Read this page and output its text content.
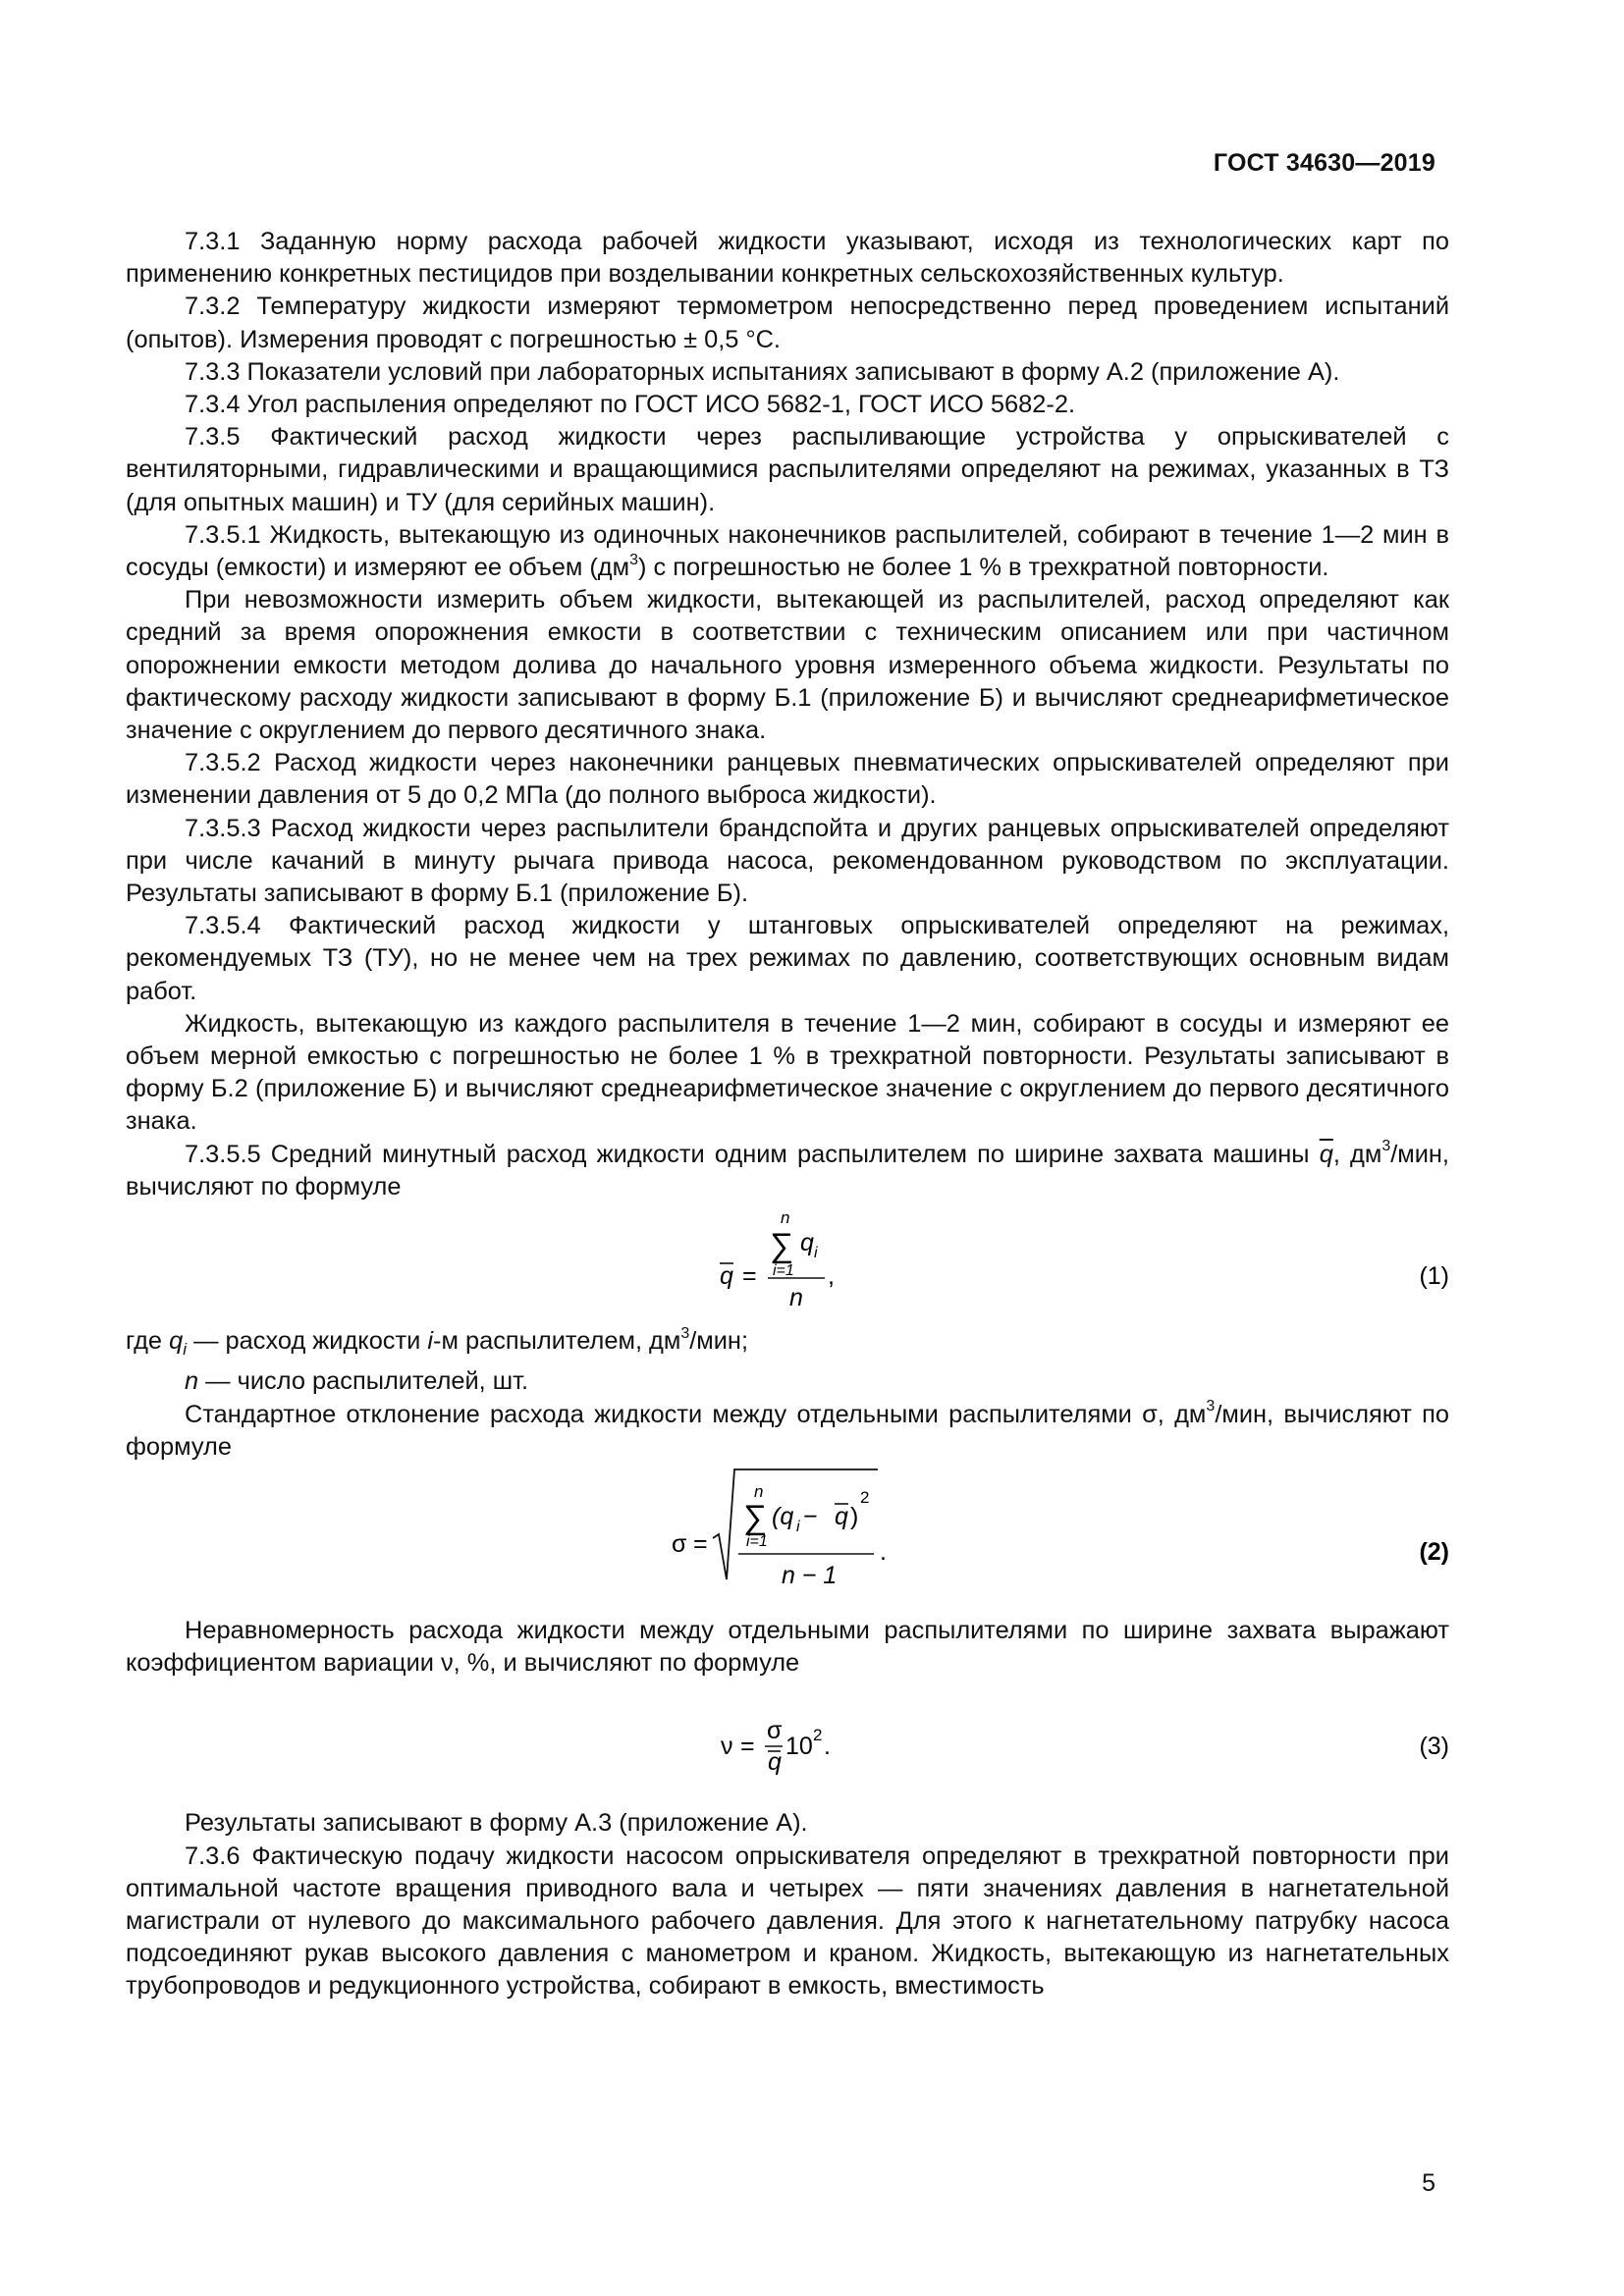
ГОСТ 34630—2019

7.3.1 Заданную норму расхода рабочей жидкости указывают, исходя из технологических карт по применению конкретных пестицидов при возделывании конкретных сельскохозяйственных культур.

7.3.2 Температуру жидкости измеряют термометром непосредственно перед проведением испытаний (опытов). Измерения проводят с погрешностью ± 0,5 °С.

7.3.3 Показатели условий при лабораторных испытаниях записывают в форму А.2 (приложение А).

7.3.4 Угол распыления определяют по ГОСТ ИСО 5682-1, ГОСТ ИСО 5682-2.

7.3.5 Фактический расход жидкости через распыливающие устройства у опрыскивателей с вентиляторными, гидравлическими и вращающимися распылителями определяют на режимах, указанных в ТЗ (для опытных машин) и ТУ (для серийных машин).

7.3.5.1 Жидкость, вытекающую из одиночных наконечников распылителей, собирают в течение 1—2 мин в сосуды (емкости) и измеряют ее объем $(дм^3)$ с погрешностью не более 1 % в трехкратной повторности.

При невозможности измерить объем жидкости, вытекающей из распылителей, расход определяют как средний за время опорожнения емкости в соответствии с техническим описанием или при частичном опорожнении емкости методом долива до начального уровня измеренного объема жидкости. Результаты по фактическому расходу жидкости записывают в форму Б.1 (приложение Б) и вычисляют среднеарифметическое значение с округлением до первого десятичного знака.

7.3.5.2 Расход жидкости через наконечники ранцевых пневматических опрыскивателей определяют при изменении давления от 5 до 0,2 МПа (до полного выброса жидкости).

7.3.5.3 Расход жидкости через распылители брандспойта и других ранцевых опрыскивателей определяют при числе качаний в минуту рычага привода насоса, рекомендованном руководством по эксплуатации. Результаты записывают в форму Б.1 (приложение Б).

7.3.5.4 Фактический расход жидкости у штанговых опрыскивателей определяют на режимах, рекомендуемых ТЗ (ТУ), но не менее чем на трех режимах по давлению, соответствующих основным видам работ.

Жидкость, вытекающую из каждого распылителя в течение 1—2 мин, собирают в сосуды и измеряют ее объем мерной емкостью с погрешностью не более 1 % в трехкратной повторности. Результаты записывают в форму Б.2 (приложение Б) и вычисляют среднеарифметическое значение с округлением до первого десятичного знака.

7.3.5.5 Средний минутный расход жидкости одним распылителем по ширине захвата машины $\overline{q}$, $дм^3$/мин, вычисляют по формуле

q =
n
∑
i=1
q i
n
,	(1)

где $q_i$ — расход жидкости i-м распылителем, $дм^3$/мин;

n — число распылителей, шт.

Стандартное отклонение расхода жидкости между отдельными распылителями σ, $дм^3$/мин, вычисляют по формуле

σ =
n
∑
i=1
(q i − q )
2
n − 1
.	(2)

Неравномерность расхода жидкости между отдельными распылителями по ширине захвата выражают коэффициентом вариации ν, %, и вычисляют по формуле

ν =
σ
q
10 2 .	(3)

Результаты записывают в форму А.3 (приложение А).

7.3.6 Фактическую подачу жидкости насосом опрыскивателя определяют в трехкратной повторности при оптимальной частоте вращения приводного вала и четырех — пяти значениях давления в нагнетательной магистрали от нулевого до максимального рабочего давления. Для этого к нагнетательному патрубку насоса подсоединяют рукав высокого давления с манометром и краном. Жидкость, вытекающую из нагнетательных трубопроводов и редукционного устройства, собирают в емкость, вместимость

5
